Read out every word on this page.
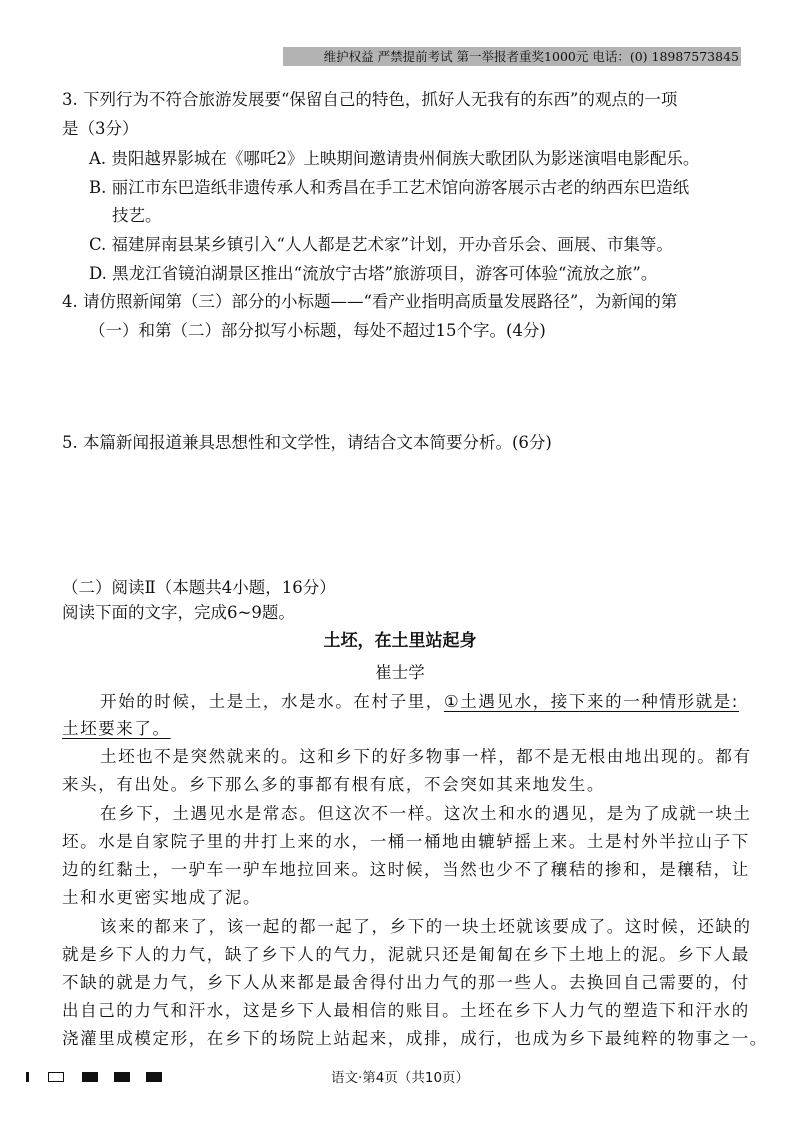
维护权益 严禁提前考试 第一举报者重奖1000元 电话：(0) 18987573845
3. 下列行为不符合旅游发展要“保留自己的特色，抓好人无我有的东西”的观点的一项
是（3分）
A. 贵阳越界影城在《哪吒2》上映期间邀请贵州侗族大歌团队为影迷演唱电影配乐。
B. 丽江市东巴造纸非遗传承人和秀昌在手工艺术馆向游客展示古老的纳西东巴造纸
技艺。
C. 福建屏南县某乡镇引入“人人都是艺术家”计划，开办音乐会、画展、市集等。
D. 黑龙江省镜泊湖景区推出“流放宁古塔”旅游项目，游客可体验“流放之旅”。
4. 请仿照新闻第（三）部分的小标题——“看产业指明高质量发展路径”，为新闻的第
（一）和第（二）部分拟写小标题，每处不超过15个字。(4分)
5. 本篇新闻报道兼具思想性和文学性，请结合文本简要分析。(6分)
（二）阅读Ⅱ（本题共4小题，16分）
阅读下面的文字，完成6~9题。
土坯，在土里站起身
崔士学
开始的时候，土是土，水是水。在村子里，①土遇见水，接下来的一种情形就是:
土坯要来了。
土坯也不是突然就来的。这和乡下的好多物事一样，都不是无根由地出现的。都有
来头，有出处。乡下那么多的事都有根有底，不会突如其来地发生。
在乡下，土遇见水是常态。但这次不一样。这次土和水的遇见，是为了成就一块土
坯。水是自家院子里的井打上来的水，一桶一桶地由辘轳摇上来。土是村外半拉山子下
边的红黏土，一驴车一驴车地拉回来。这时候，当然也少不了穰秸的掺和，是穰秸，让
土和水更密实地成了泥。
该来的都来了，该一起的都一起了，乡下的一块土坯就该要成了。这时候，还缺的
就是乡下人的力气，缺了乡下人的气力，泥就只还是匍匐在乡下土地上的泥。乡下人最
不缺的就是力气，乡下人从来都是最舍得付出力气的那一些人。去换回自己需要的，付
出自己的力气和汗水，这是乡下人最相信的账目。土坯在乡下人力气的塑造下和汗水的
浇灌里成模定形，在乡下的场院上站起来，成排，成行，也成为乡下最纯粹的物事之一。
语文·第4页（共10页）
